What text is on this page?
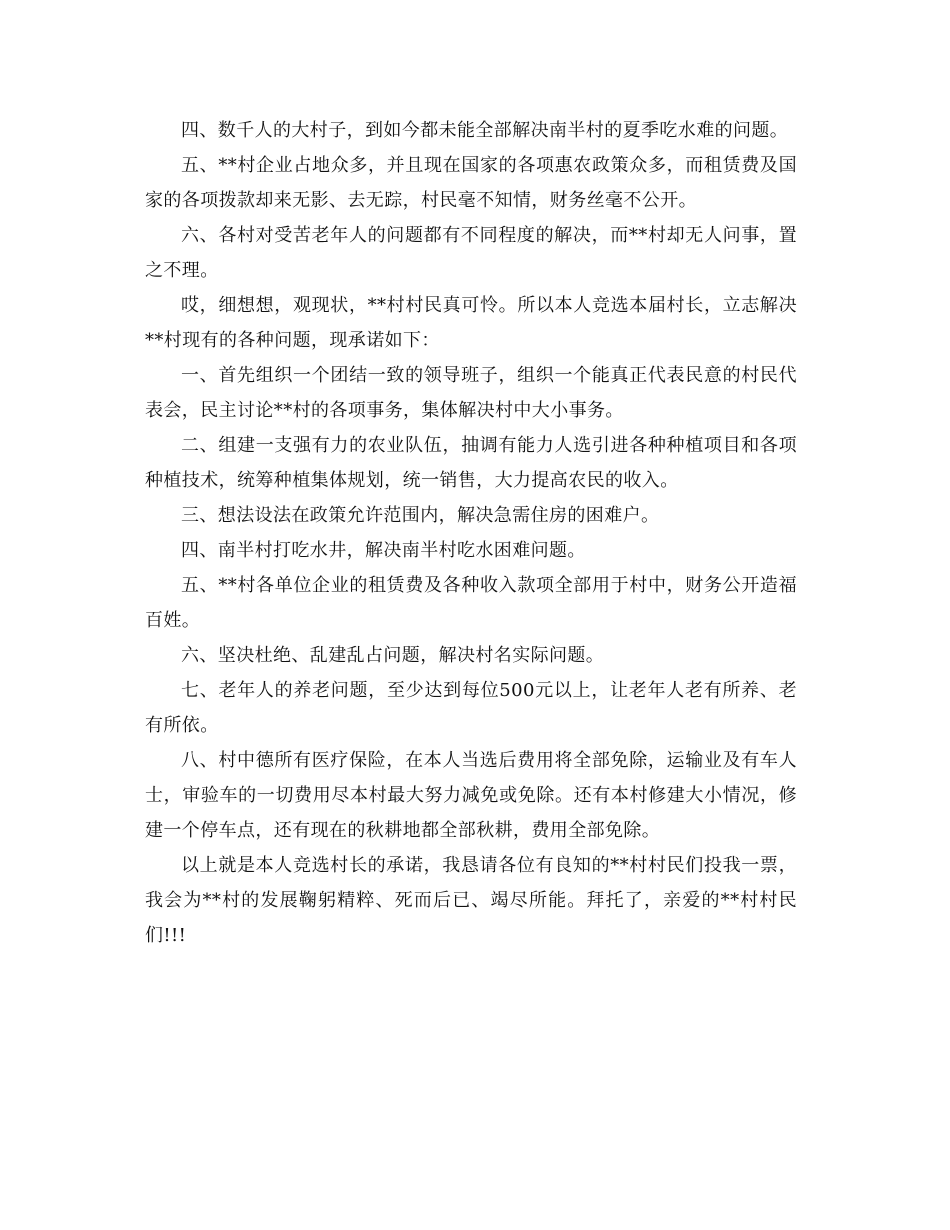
四、数千人的大村子，到如今都未能全部解决南半村的夏季吃水难的问题。

五、**村企业占地众多，并且现在国家的各项惠农政策众多，而租赁费及国家的各项拨款却来无影、去无踪，村民毫不知情，财务丝毫不公开。

六、各村对受苦老年人的问题都有不同程度的解决，而**村却无人问事，置之不理。

哎，细想想，观现状，**村村民真可怜。所以本人竞选本届村长，立志解决**村现有的各种问题，现承诺如下：

一、首先组织一个团结一致的领导班子，组织一个能真正代表民意的村民代表会，民主讨论**村的各项事务，集体解决村中大小事务。

二、组建一支强有力的农业队伍，抽调有能力人选引进各种种植项目和各项种植技术，统筹种植集体规划，统一销售，大力提高农民的收入。

三、想法设法在政策允许范围内，解决急需住房的困难户。

四、南半村打吃水井，解决南半村吃水困难问题。

五、**村各单位企业的租赁费及各种收入款项全部用于村中，财务公开造福百姓。

六、坚决杜绝、乱建乱占问题，解决村名实际问题。

七、老年人的养老问题，至少达到每位500元以上，让老年人老有所养、老有所依。

八、村中德所有医疗保险，在本人当选后费用将全部免除，运输业及有车人士，审验车的一切费用尽本村最大努力减免或免除。还有本村修建大小情况，修建一个停车点，还有现在的秋耕地都全部秋耕，费用全部免除。

以上就是本人竞选村长的承诺，我恳请各位有良知的**村村民们投我一票，我会为**村的发展鞠躬精粹、死而后已、竭尽所能。拜托了，亲爱的**村村民们!!!
